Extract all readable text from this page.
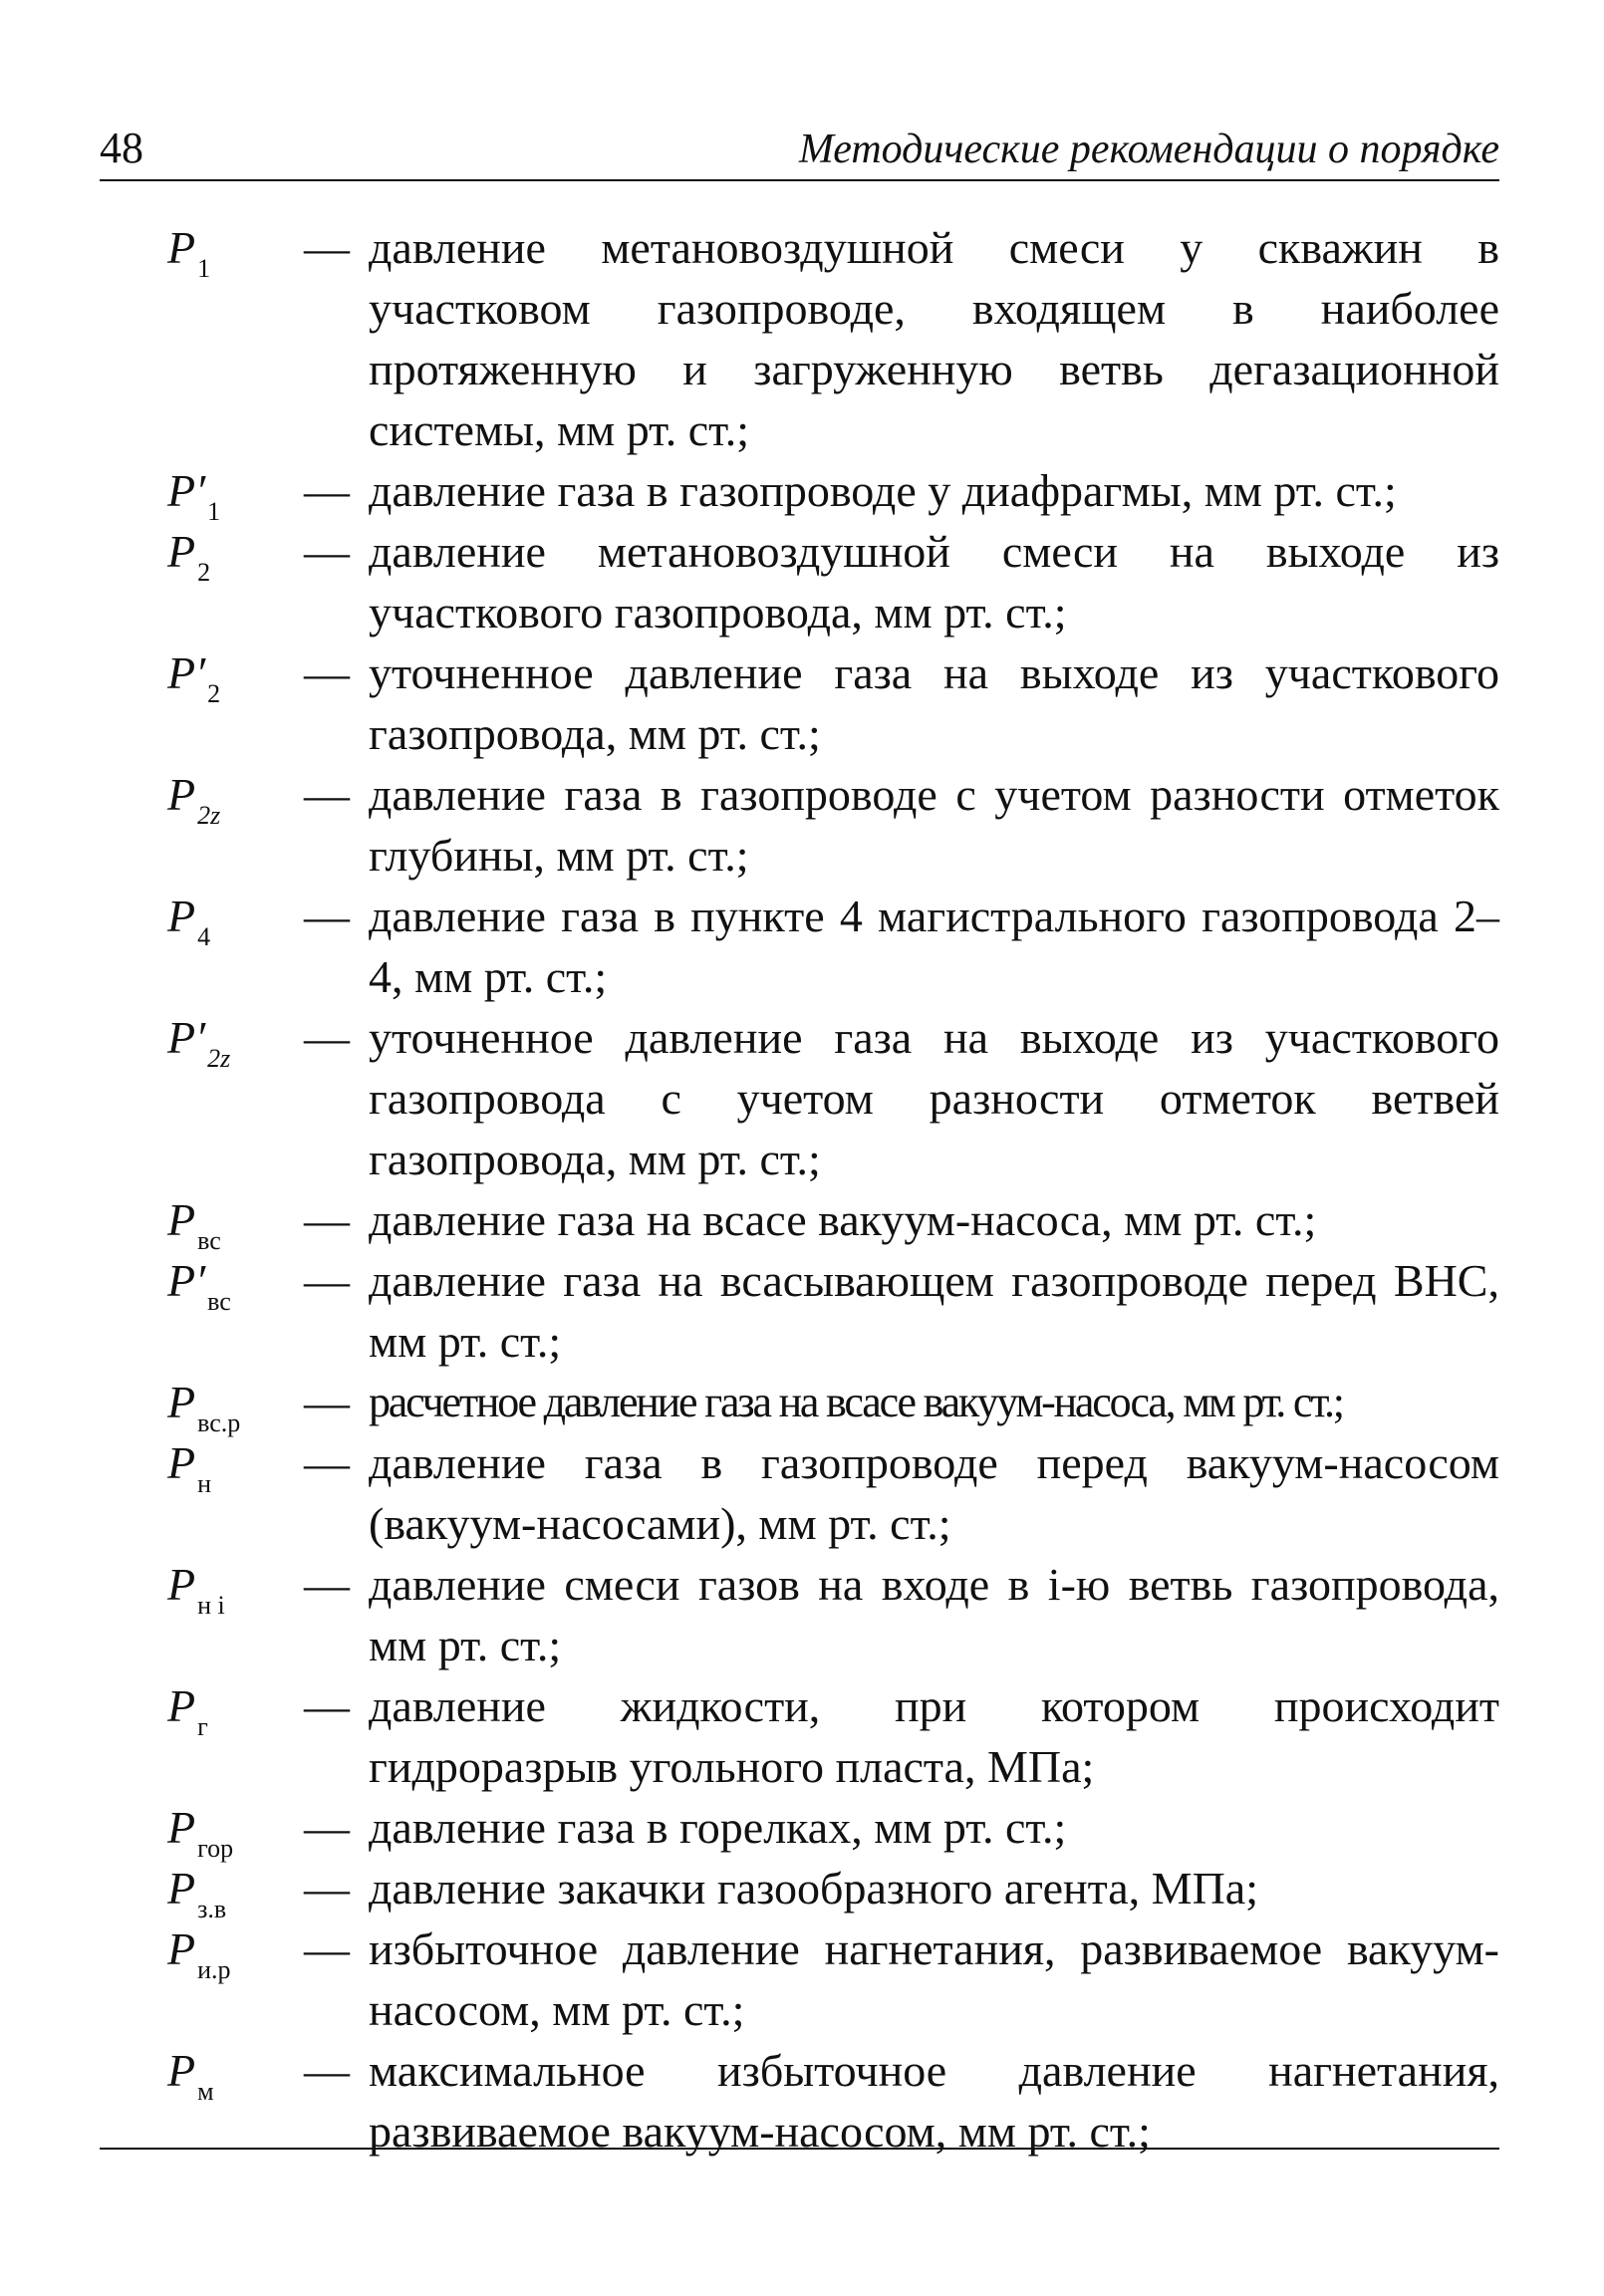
48	Методические рекомендации о порядке
$P_1$ — давление метановоздушной смеси у скважин в участковом газопроводе, входящем в наиболее протяженную и загруженную ветвь дегазационной системы, мм рт. ст.;
$P'_1$ — давление газа в газопроводе у диафрагмы, мм рт. ст.;
$P_2$ — давление метановоздушной смеси на выходе из участкового газопровода, мм рт. ст.;
$P'_2$ — уточненное давление газа на выходе из участкового газопровода, мм рт. ст.;
$P_{2z}$ — давление газа в газопроводе с учетом разности отметок глубины, мм рт. ст.;
$P_4$ — давление газа в пункте 4 магистрального газопровода 2–4, мм рт. ст.;
$P'_{2z}$ — уточненное давление газа на выходе из участкового газопровода с учетом разности отметок ветвей газопровода, мм рт. ст.;
$P_{вс}$ — давление газа на всасе вакуум-насоса, мм рт. ст.;
$P'_{вс}$ — давление газа на всасывающем газопроводе перед ВНС, мм рт. ст.;
$P_{вс.р}$ — расчетное давление газа на всасе вакуум-насоса, мм рт. ст.;
$P_н$ — давление газа в газопроводе перед вакуум-насосом (вакуум-насосами), мм рт. ст.;
$P_{н i}$ — давление смеси газов на входе в i-ю ветвь газопровода, мм рт. ст.;
$P_г$ — давление жидкости, при котором происходит гидроразрыв угольного пласта, МПа;
$P_{гор}$ — давление газа в горелках, мм рт. ст.;
$P_{з.в}$ — давление закачки газообразного агента, МПа;
$P_{и.р}$ — избыточное давление нагнетания, развиваемое вакуум-насосом, мм рт. ст.;
$P_м$ — максимальное избыточное давление нагнетания, развиваемое вакуум-насосом, мм рт. ст.;
